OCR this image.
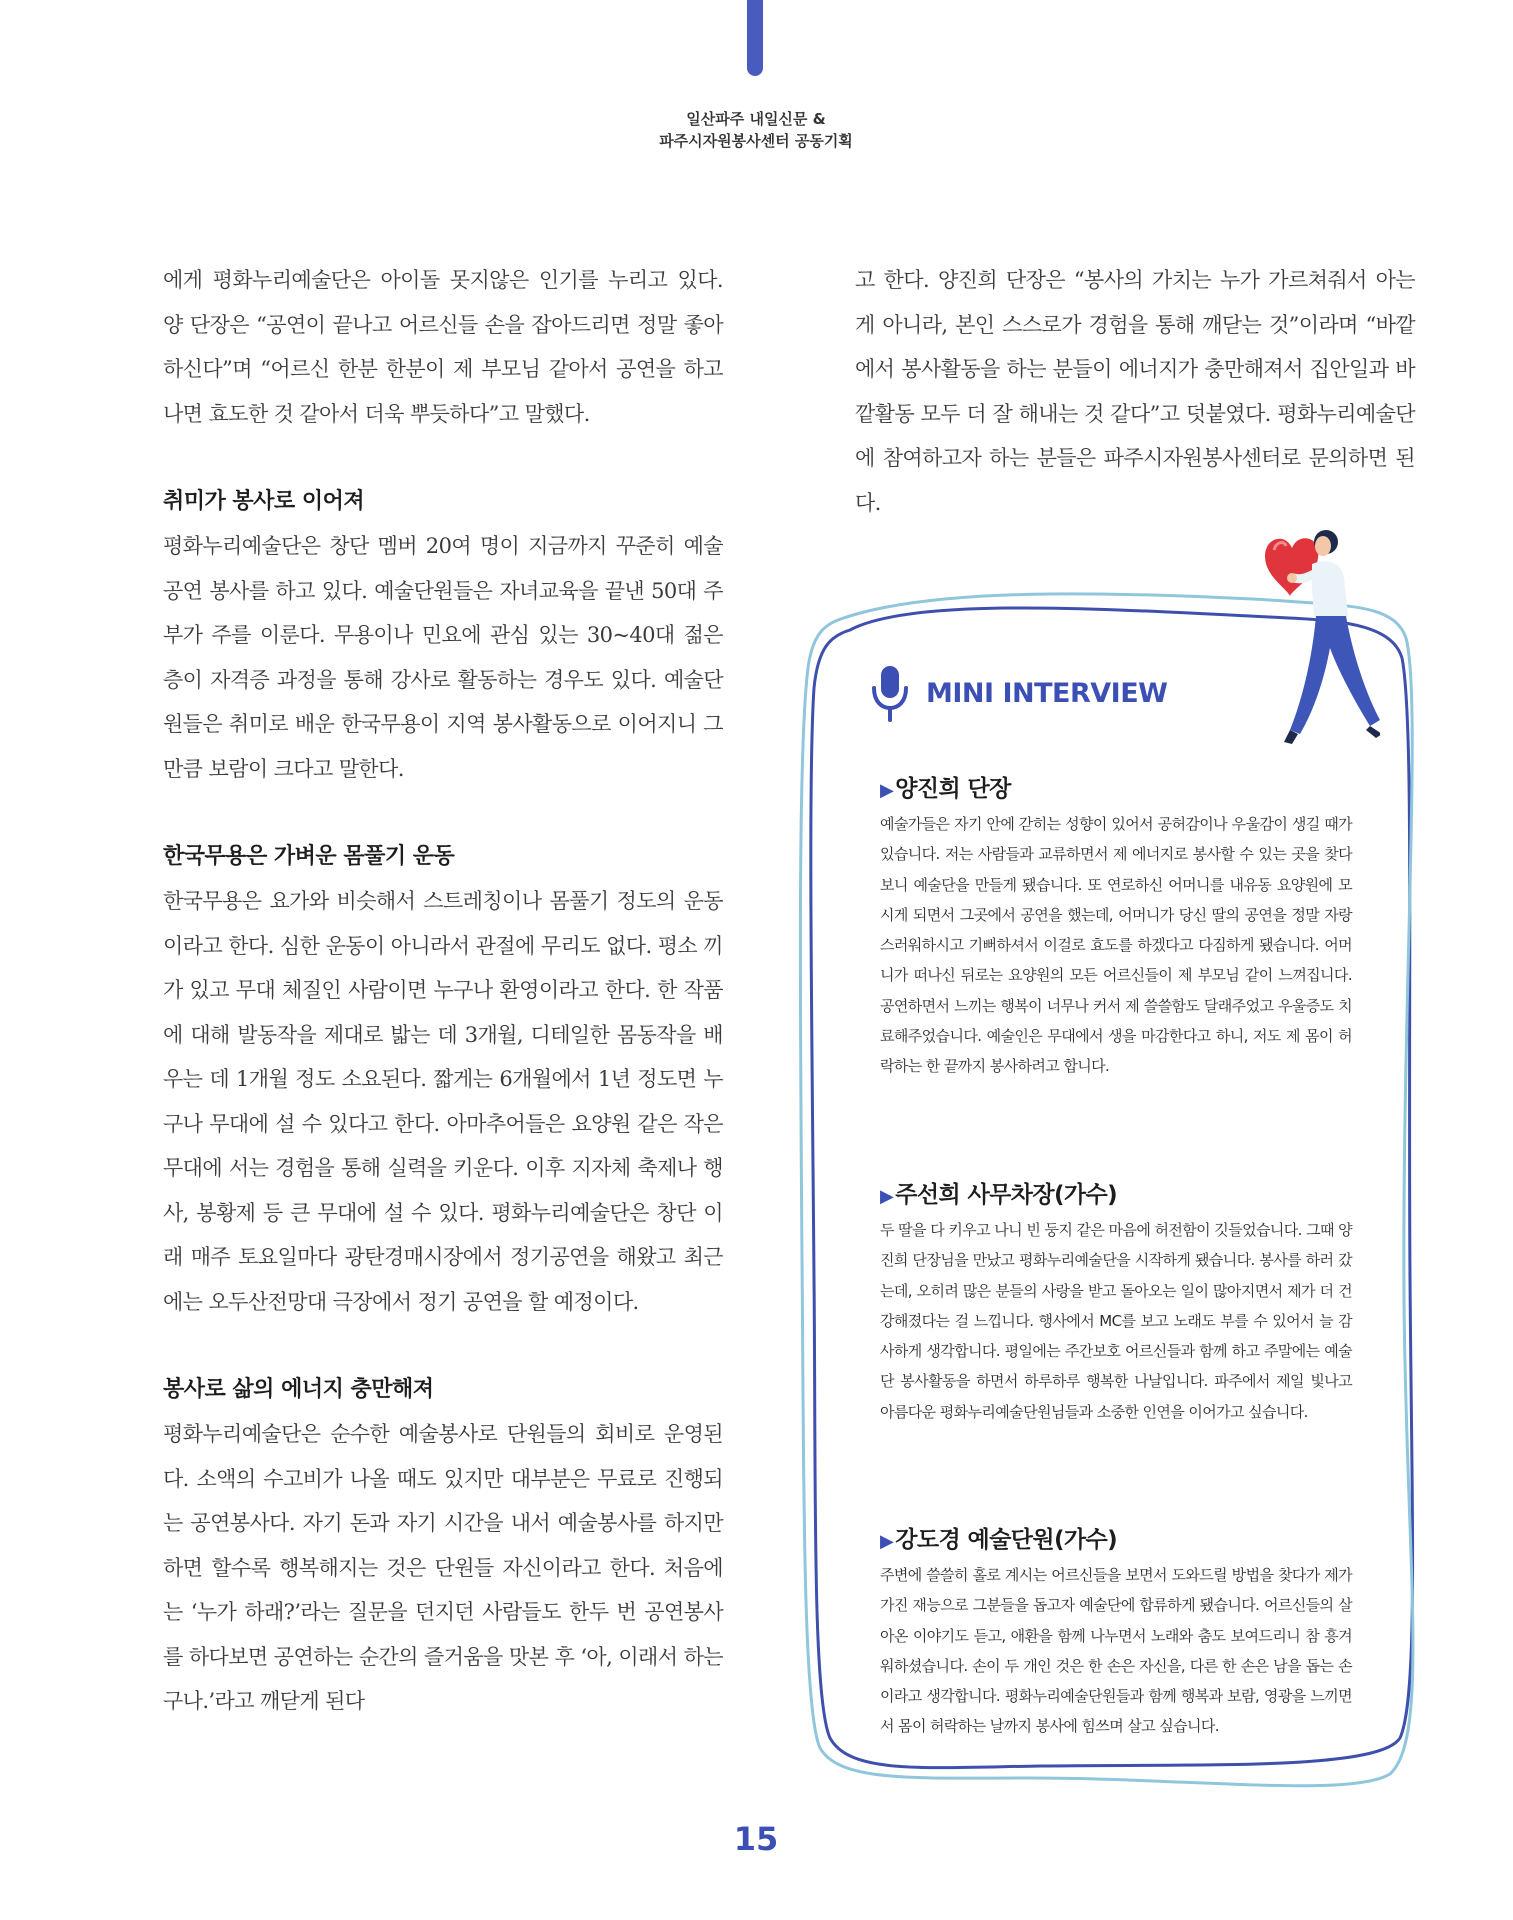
일산파주 내일신문 &
파주시자원봉사센터 공동기획

에게 평화누리예술단은 아이돌 못지않은 인기를 누리고 있다. 양 단장은 “공연이 끝나고 어르신들 손을 잡아드리면 정말 좋아하신다”며 “어르신 한분 한분이 제 부모님 같아서 공연을 하고 나면 효도한 것 같아서 더욱 뿌듯하다”고 말했다.

취미가 봉사로 이어져

평화누리예술단은 창단 멤버 20여 명이 지금까지 꾸준히 예술공연 봉사를 하고 있다. 예술단원들은 자녀교육을 끝낸 50대 주부가 주를 이룬다. 무용이나 민요에 관심 있는 30~40대 젊은 층이 자격증 과정을 통해 강사로 활동하는 경우도 있다. 예술단원들은 취미로 배운 한국무용이 지역 봉사활동으로 이어지니 그만큼 보람이 크다고 말한다.

한국무용은 가벼운 몸풀기 운동

한국무용은 요가와 비슷해서 스트레칭이나 몸풀기 정도의 운동이라고 한다. 심한 운동이 아니라서 관절에 무리도 없다. 평소 끼가 있고 무대 체질인 사람이면 누구나 환영이라고 한다. 한 작품에 대해 발동작을 제대로 밟는 데 3개월, 디테일한 몸동작을 배우는 데 1개월 정도 소요된다. 짧게는 6개월에서 1년 정도면 누구나 무대에 설 수 있다고 한다. 아마추어들은 요양원 같은 작은 무대에 서는 경험을 통해 실력을 키운다. 이후 지자체 축제나 행사, 봉황제 등 큰 무대에 설 수 있다. 평화누리예술단은 창단 이래 매주 토요일마다 광탄경매시장에서 정기공연을 해왔고 최근에는 오두산전망대 극장에서 정기 공연을 할 예정이다.

봉사로 삶의 에너지 충만해져

평화누리예술단은 순수한 예술봉사로 단원들의 회비로 운영된다. 소액의 수고비가 나올 때도 있지만 대부분은 무료로 진행되는 공연봉사다. 자기 돈과 자기 시간을 내서 예술봉사를 하지만 하면 할수록 행복해지는 것은 단원들 자신이라고 한다. 처음에는 ‘누가 하래?’라는 질문을 던지던 사람들도 한두 번 공연봉사를 하다보면 공연하는 순간의 즐거움을 맛본 후 ‘아, 이래서 하는구나.’라고 깨닫게 된다

고 한다. 양진희 단장은 “봉사의 가치는 누가 가르쳐줘서 아는 게 아니라, 본인 스스로가 경험을 통해 깨닫는 것”이라며 “바깥에서 봉사활동을 하는 분들이 에너지가 충만해져서 집안일과 바깥활동 모두 더 잘 해내는 것 같다”고 덧붙였다. 평화누리예술단에 참여하고자 하는 분들은 파주시자원봉사센터로 문의하면 된다.

MINI INTERVIEW

▶양진희 단장

예술가들은 자기 안에 갇히는 성향이 있어서 공허감이나 우울감이 생길 때가 있습니다. 저는 사람들과 교류하면서 제 에너지로 봉사할 수 있는 곳을 찾다보니 예술단을 만들게 됐습니다. 또 연로하신 어머니를 내유동 요양원에 모시게 되면서 그곳에서 공연을 했는데, 어머니가 당신 딸의 공연을 정말 자랑스러워하시고 기뻐하셔서 이걸로 효도를 하겠다고 다짐하게 됐습니다. 어머니가 떠나신 뒤로는 요양원의 모든 어르신들이 제 부모님 같이 느껴집니다. 공연하면서 느끼는 행복이 너무나 커서 제 쓸쓸함도 달래주었고 우울증도 치료해주었습니다. 예술인은 무대에서 생을 마감한다고 하니, 저도 제 몸이 허락하는 한 끝까지 봉사하려고 합니다.

▶주선희 사무차장(가수)

두 딸을 다 키우고 나니 빈 둥지 같은 마음에 허전함이 깃들었습니다. 그때 양진희 단장님을 만났고 평화누리예술단을 시작하게 됐습니다. 봉사를 하러 갔는데, 오히려 많은 분들의 사랑을 받고 돌아오는 일이 많아지면서 제가 더 건강해졌다는 걸 느낍니다. 행사에서 MC를 보고 노래도 부를 수 있어서 늘 감사하게 생각합니다. 평일에는 주간보호 어르신들과 함께 하고 주말에는 예술단 봉사활동을 하면서 하루하루 행복한 나날입니다. 파주에서 제일 빛나고 아름다운 평화누리예술단원님들과 소중한 인연을 이어가고 싶습니다.

▶강도경 예술단원(가수)

주변에 쓸쓸히 홀로 계시는 어르신들을 보면서 도와드릴 방법을 찾다가 제가 가진 재능으로 그분들을 돕고자 예술단에 합류하게 됐습니다. 어르신들의 살아온 이야기도 듣고, 애환을 함께 나누면서 노래와 춤도 보여드리니 참 흥겨워하셨습니다. 손이 두 개인 것은 한 손은 자신을, 다른 한 손은 남을 돕는 손이라고 생각합니다. 평화누리예술단원들과 함께 행복과 보람, 영광을 느끼면서 몸이 허락하는 날까지 봉사에 힘쓰며 살고 싶습니다.

15
